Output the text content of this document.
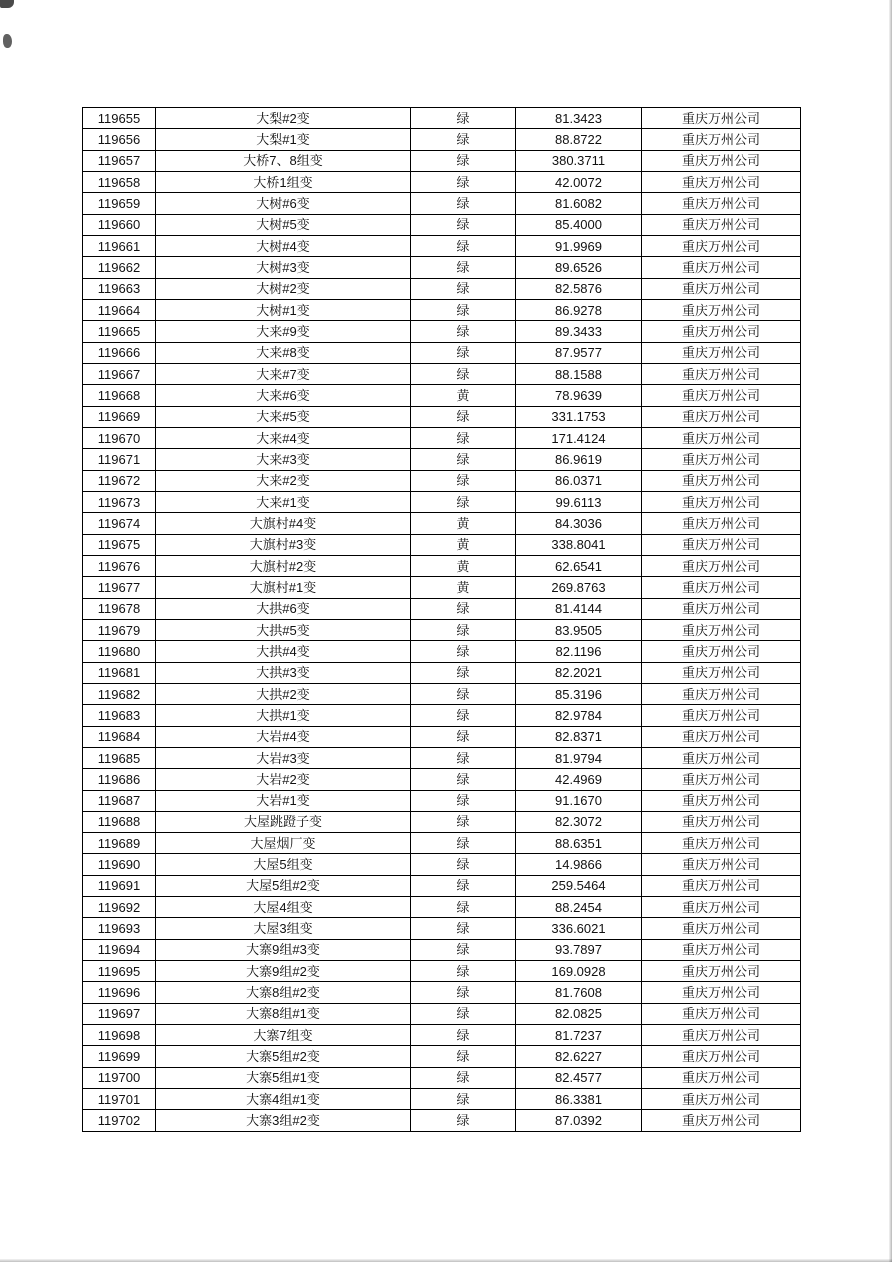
119655	大梨#2变	绿	81.3423	重庆万州公司
119656	大梨#1变	绿	88.8722	重庆万州公司
119657	大桥7、8组变	绿	380.3711	重庆万州公司
119658	大桥1组变	绿	42.0072	重庆万州公司
119659	大树#6变	绿	81.6082	重庆万州公司
119660	大树#5变	绿	85.4000	重庆万州公司
119661	大树#4变	绿	91.9969	重庆万州公司
119662	大树#3变	绿	89.6526	重庆万州公司
119663	大树#2变	绿	82.5876	重庆万州公司
119664	大树#1变	绿	86.9278	重庆万州公司
119665	大来#9变	绿	89.3433	重庆万州公司
119666	大来#8变	绿	87.9577	重庆万州公司
119667	大来#7变	绿	88.1588	重庆万州公司
119668	大来#6变	黄	78.9639	重庆万州公司
119669	大来#5变	绿	331.1753	重庆万州公司
119670	大来#4变	绿	171.4124	重庆万州公司
119671	大来#3变	绿	86.9619	重庆万州公司
119672	大来#2变	绿	86.0371	重庆万州公司
119673	大来#1变	绿	99.6113	重庆万州公司
119674	大旗村#4变	黄	84.3036	重庆万州公司
119675	大旗村#3变	黄	338.8041	重庆万州公司
119676	大旗村#2变	黄	62.6541	重庆万州公司
119677	大旗村#1变	黄	269.8763	重庆万州公司
119678	大拱#6变	绿	81.4144	重庆万州公司
119679	大拱#5变	绿	83.9505	重庆万州公司
119680	大拱#4变	绿	82.1196	重庆万州公司
119681	大拱#3变	绿	82.2021	重庆万州公司
119682	大拱#2变	绿	85.3196	重庆万州公司
119683	大拱#1变	绿	82.9784	重庆万州公司
119684	大岩#4变	绿	82.8371	重庆万州公司
119685	大岩#3变	绿	81.9794	重庆万州公司
119686	大岩#2变	绿	42.4969	重庆万州公司
119687	大岩#1变	绿	91.1670	重庆万州公司
119688	大屋跳蹬子变	绿	82.3072	重庆万州公司
119689	大屋烟厂变	绿	88.6351	重庆万州公司
119690	大屋5组变	绿	14.9866	重庆万州公司
119691	大屋5组#2变	绿	259.5464	重庆万州公司
119692	大屋4组变	绿	88.2454	重庆万州公司
119693	大屋3组变	绿	336.6021	重庆万州公司
119694	大寨9组#3变	绿	93.7897	重庆万州公司
119695	大寨9组#2变	绿	169.0928	重庆万州公司
119696	大寨8组#2变	绿	81.7608	重庆万州公司
119697	大寨8组#1变	绿	82.0825	重庆万州公司
119698	大寨7组变	绿	81.7237	重庆万州公司
119699	大寨5组#2变	绿	82.6227	重庆万州公司
119700	大寨5组#1变	绿	82.4577	重庆万州公司
119701	大寨4组#1变	绿	86.3381	重庆万州公司
119702	大寨3组#2变	绿	87.0392	重庆万州公司
